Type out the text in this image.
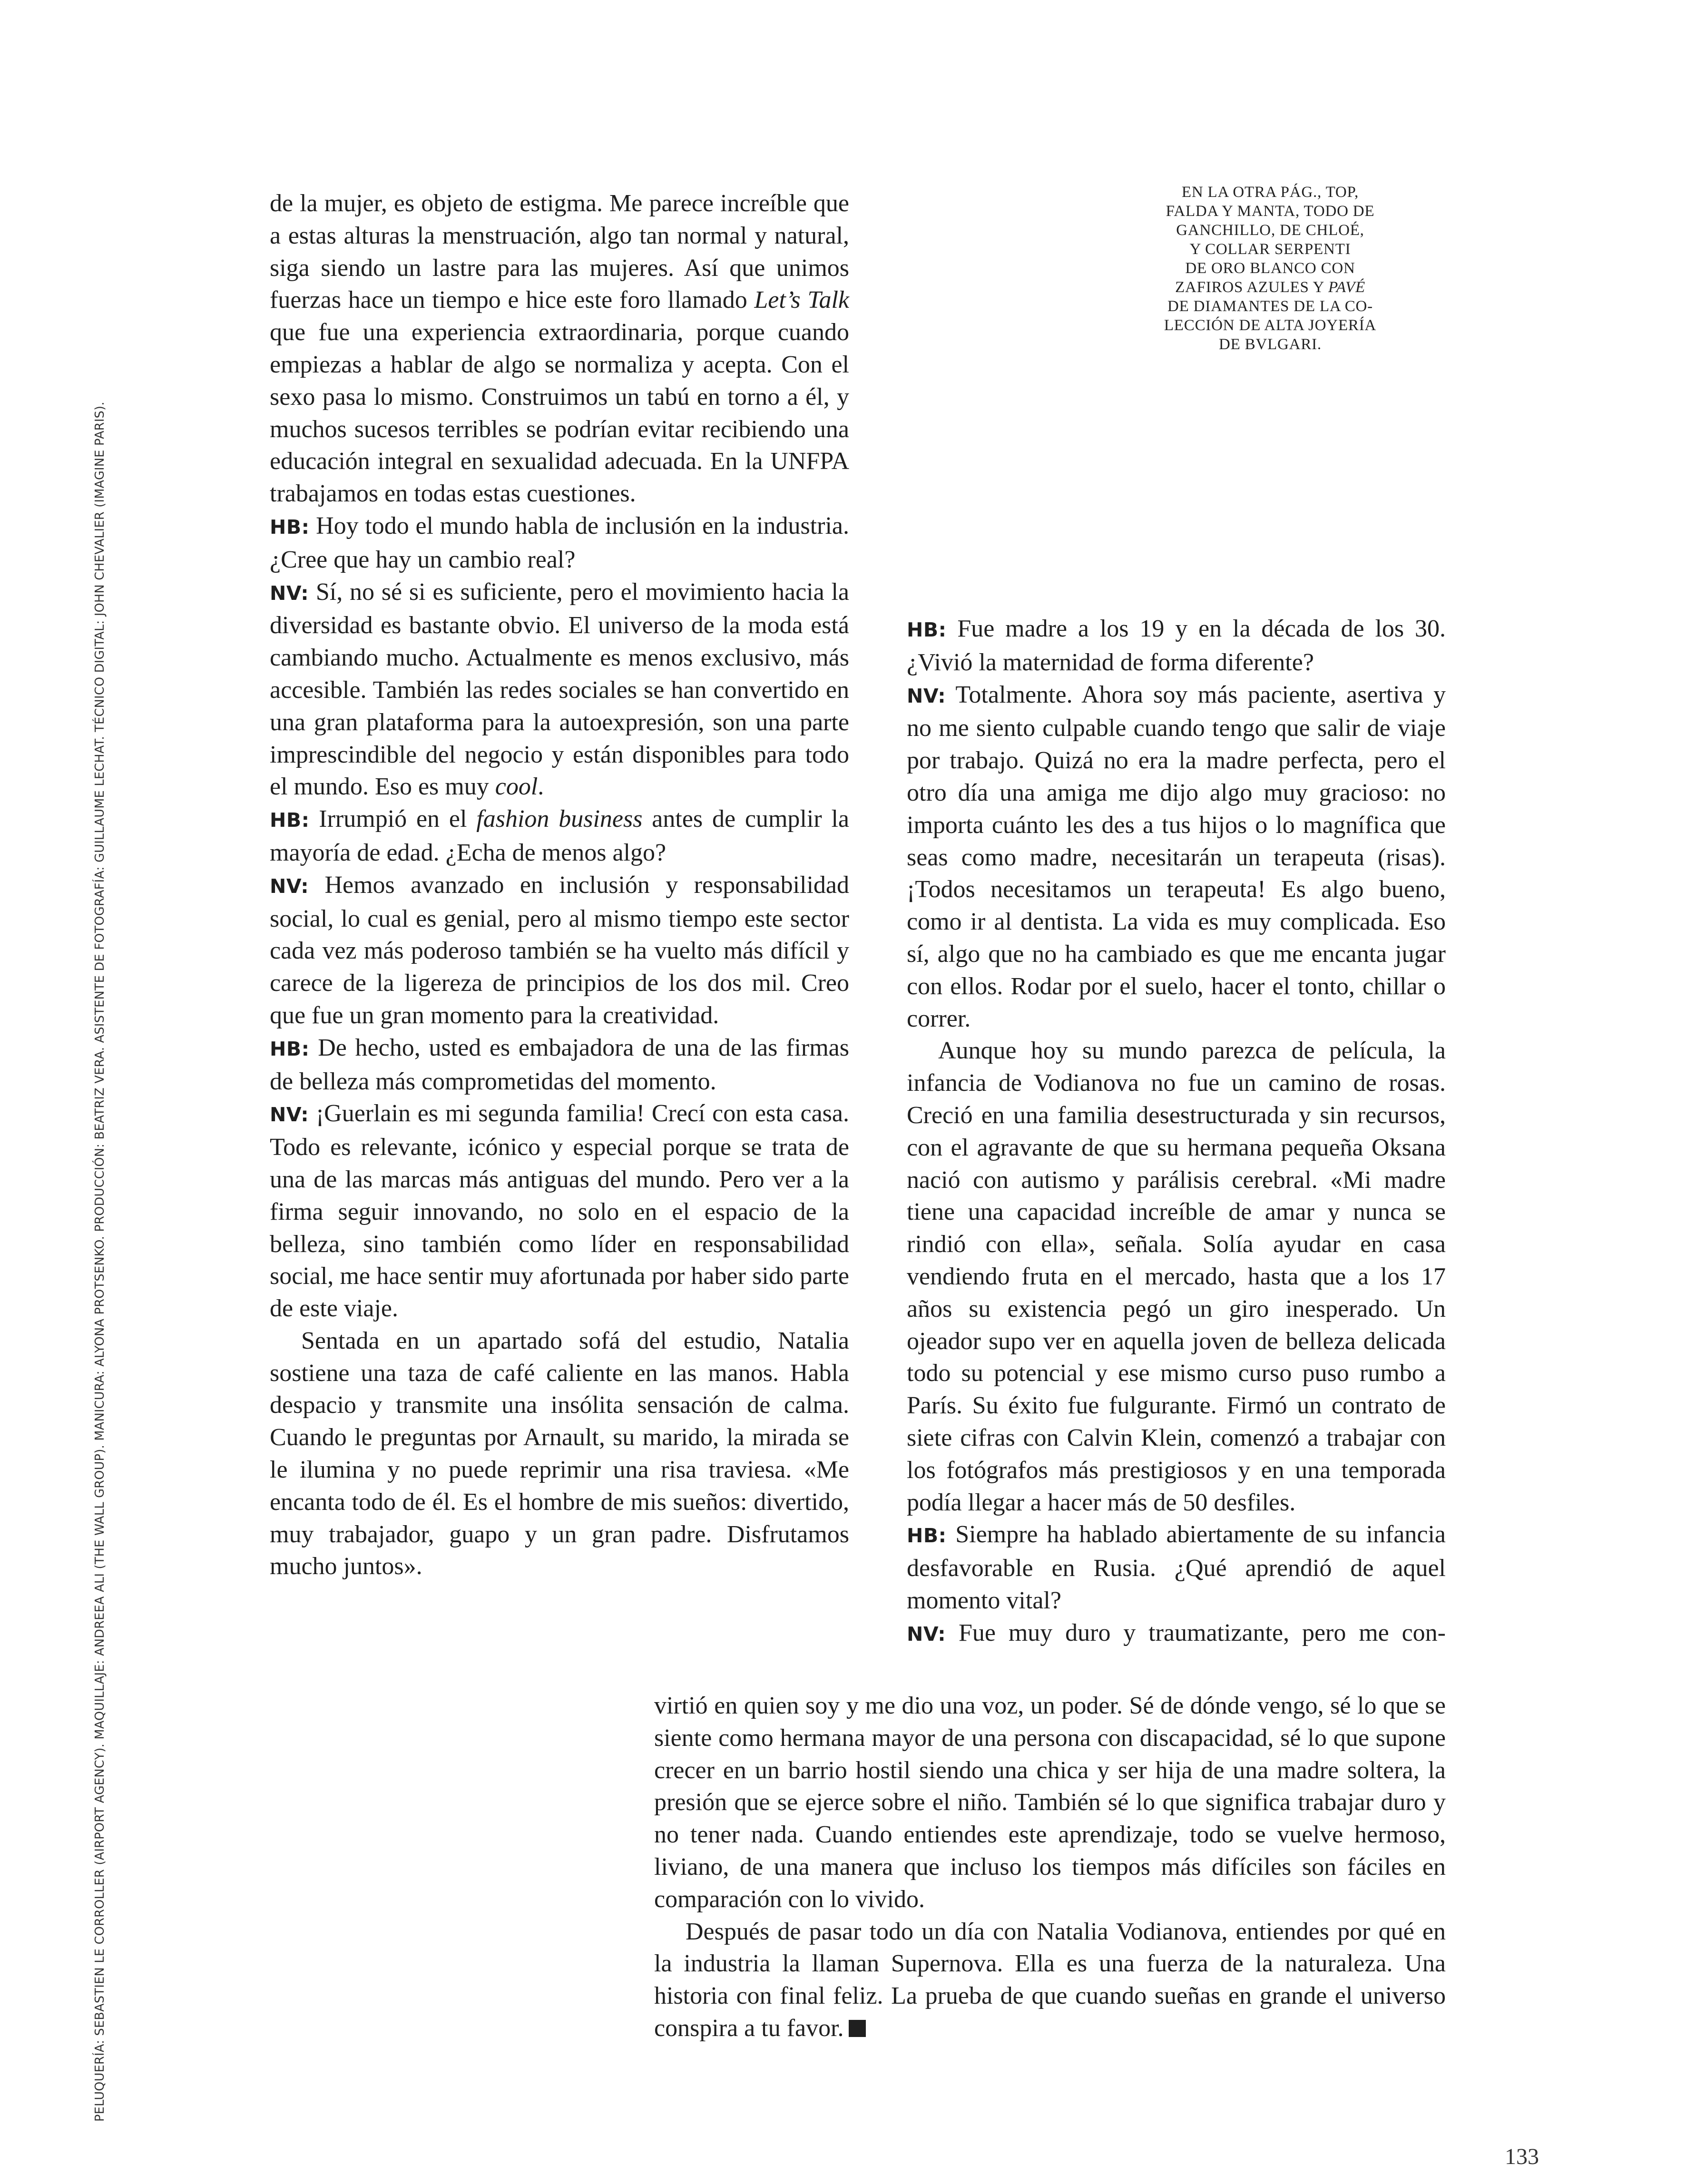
PELUQUERÍA: SEBASTIEN LE CORROLLER (AIRPORT AGENCY). MAQUILLAJE: ANDREEA ALI (THE WALL GROUP). MANICURA: ALYONA PROTSENKO. PRODUCCIÓN: BEATRIZ VERA. ASISTENTE DE FOTOGRAFÍA: GUILLAUME LECHAT. TÉCNICO DIGITAL: JOHN CHEVALIER (IMAGINE PARIS).
EN LA OTRA PÁG., TOP,
FALDA Y MANTA, TODO DE
GANCHILLO, DE CHLOÉ,
Y COLLAR SERPENTI
DE ORO BLANCO CON
ZAFIROS AZULES Y PAVÉ
DE DIAMANTES DE LA CO-
LECCIÓN DE ALTA JOYERÍA
DE BVLGARI.

de la mujer, es objeto de estigma. Me parece increíble que a estas alturas la menstruación, algo tan normal y natural, siga siendo un lastre para las mujeres. Así que unimos fuerzas hace un tiempo e hice este foro llamado Let’s Talk que fue una experiencia extraordinaria, porque cuando empiezas a hablar de algo se normaliza y acepta. Con el sexo pasa lo mismo. Construimos un tabú en torno a él, y muchos sucesos terribles se podrían evitar recibiendo una educación integral en sexualidad adecuada. En la UNFPA trabajamos en todas estas cuestiones.

HB: Hoy todo el mundo habla de inclusión en la industria. ¿Cree que hay un cambio real?

NV: Sí, no sé si es suficiente, pero el movimiento hacia la diversidad es bastante obvio. El universo de la moda está cambiando mucho. Actualmente es menos exclusivo, más accesible. También las redes sociales se han convertido en una gran plataforma para la autoexpresión, son una parte imprescindible del negocio y están disponibles para todo el mundo. Eso es muy cool.

HB: Irrumpió en el fashion business antes de cumplir la mayoría de edad. ¿Echa de menos algo?

NV: Hemos avanzado en inclusión y responsabilidad social, lo cual es genial, pero al mismo tiempo este sector cada vez más poderoso también se ha vuelto más difícil y carece de la ligereza de principios de los dos mil. Creo que fue un gran momento para la creatividad.

HB: De hecho, usted es embajadora de una de las firmas de belleza más comprometidas del momento.

NV: ¡Guerlain es mi segunda familia! Crecí con esta casa. Todo es relevante, icónico y especial porque se trata de una de las marcas más antiguas del mundo. Pero ver a la firma seguir innovando, no solo en el espacio de la belleza, sino también como líder en responsabilidad social, me hace sentir muy afortunada por haber sido parte de este viaje.

Sentada en un apartado sofá del estudio, Natalia sostiene una taza de café caliente en las manos. Habla despacio y transmite una insólita sensación de calma. Cuando le preguntas por Arnault, su marido, la mirada se le ilumina y no puede reprimir una risa traviesa. «Me encanta todo de él. Es el hombre de mis sueños: divertido, muy trabajador, guapo y un gran padre. Disfrutamos mucho juntos».

HB: Fue madre a los 19 y en la década de los 30. ¿Vivió la maternidad de forma diferente?

NV: Totalmente. Ahora soy más paciente, asertiva y no me siento culpable cuando tengo que salir de viaje por trabajo. Quizá no era la madre perfecta, pero el otro día una amiga me dijo algo muy gracioso: no importa cuánto les des a tus hijos o lo magnífica que seas como madre, necesitarán un terapeuta (risas). ¡Todos necesitamos un terapeuta! Es algo bueno, como ir al dentista. La vida es muy complicada. Eso sí, algo que no ha cambiado es que me encanta jugar con ellos. Rodar por el suelo, hacer el tonto, chillar o correr.

Aunque hoy su mundo parezca de película, la infancia de Vodianova no fue un camino de rosas. Creció en una familia desestructurada y sin recursos, con el agravante de que su hermana pequeña Oksana nació con autismo y parálisis cerebral. «Mi madre tiene una capacidad increíble de amar y nunca se rindió con ella», señala. Solía ayudar en casa vendiendo fruta en el mercado, hasta que a los 17 años su existencia pegó un giro inesperado. Un ojeador supo ver en aquella joven de belleza delicada todo su potencial y ese mismo curso puso rumbo a París. Su éxito fue fulgurante. Firmó un contrato de siete cifras con Calvin Klein, comenzó a trabajar con los fotógrafos más prestigiosos y en una temporada podía llegar a hacer más de 50 desfiles.

HB: Siempre ha hablado abiertamente de su infancia desfavorable en Rusia. ¿Qué aprendió de aquel momento vital?

NV: Fue muy duro y traumatizante, pero me con-

virtió en quien soy y me dio una voz, un poder. Sé de dónde vengo, sé lo que se siente como hermana mayor de una persona con discapacidad, sé lo que supone crecer en un barrio hostil siendo una chica y ser hija de una madre soltera, la presión que se ejerce sobre el niño. También sé lo que significa trabajar duro y no tener nada. Cuando entiendes este aprendizaje, todo se vuelve hermoso, liviano, de una manera que incluso los tiempos más difíciles son fáciles en comparación con lo vivido.

Después de pasar todo un día con Natalia Vodianova, entiendes por qué en la industria la llaman Supernova. Ella es una fuerza de la naturaleza. Una historia con final feliz. La prueba de que cuando sueñas en grande el universo conspira a tu favor.

133
